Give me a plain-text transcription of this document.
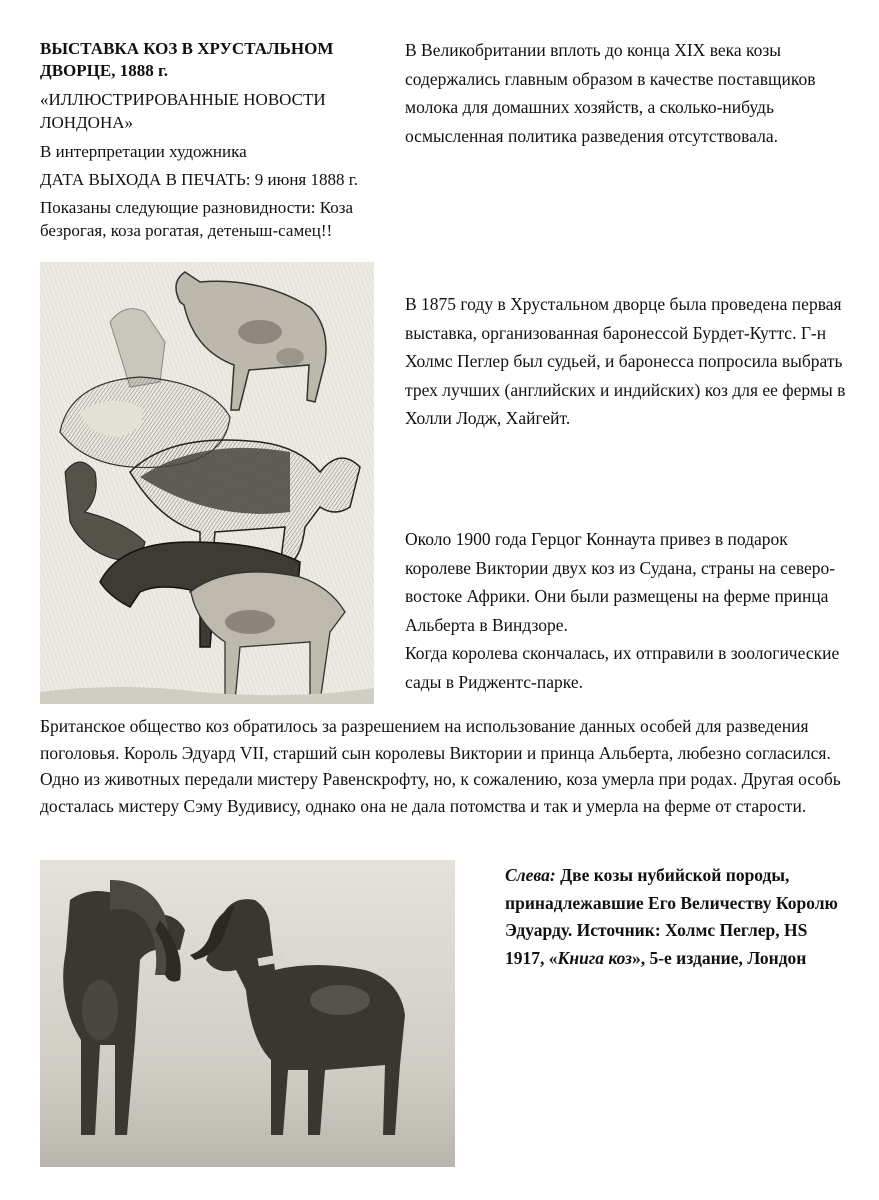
ВЫСТАВКА КОЗ В ХРУСТАЛЬНОМ ДВОРЦЕ, 1888 г.

«ИЛЛЮСТРИРОВАННЫЕ НОВОСТИ ЛОНДОНА»

В интерпретации художника

ДАТА ВЫХОДА В ПЕЧАТЬ: 9 июня 1888 г.

Показаны следующие разновидности: Коза безрогая, коза рогатая, детеныш-самец!!

В Великобритании вплоть до конца XIX века козы содержались главным образом в качестве поставщиков молока для домашних хозяйств, а сколько-нибудь осмысленная политика разведения отсутствовала.

В 1875 году в Хрустальном дворце была проведена первая выставка, организованная баронессой Бурдет-Куттс. Г-н Холмс Пеглер был судьей, и баронесса попросила выбрать трех лучших (английских и индийских) коз для ее фермы в Холли Лодж, Хайгейт.

Около 1900 года Герцог Коннаута привез в подарок королеве Виктории двух коз из Судана, страны на северо-востоке Африки. Они были размещены на ферме принца Альберта в Виндзоре.

Когда королева скончалась, их отправили в зоологические сады в Риджентс-парке.

Британское общество коз обратилось за разрешением на использование данных особей для разведения поголовья. Король Эдуард VII, старший сын королевы Виктории и принца Альберта, любезно согласился. Одно из животных передали мистеру Равенскрофту, но, к сожалению, коза умерла при родах. Другая особь досталась мистеру Сэму Вудивису, однако она не дала потомства и так и умерла на ферме от старости.

Слева: Две козы нубийской породы, принадлежавшие Его Величеству Королю Эдуарду. Источник: Холмс Пеглер, HS 1917, «Книга коз», 5-е издание, Лондон
